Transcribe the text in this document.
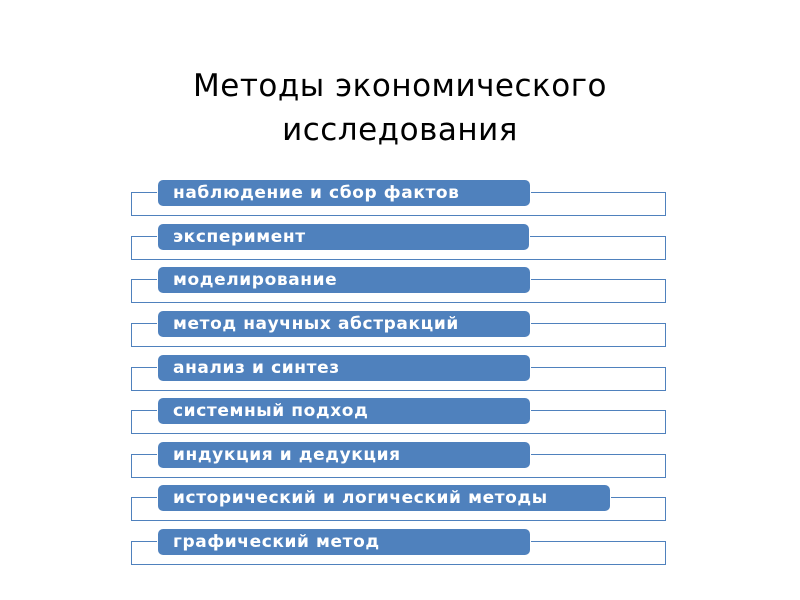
Методы экономического
исследования
наблюдение и сбор фактов
эксперимент
моделирование
метод научных абстракций
анализ и синтез
системный подход
индукция и дедукция
исторический и логический методы
графический метод
